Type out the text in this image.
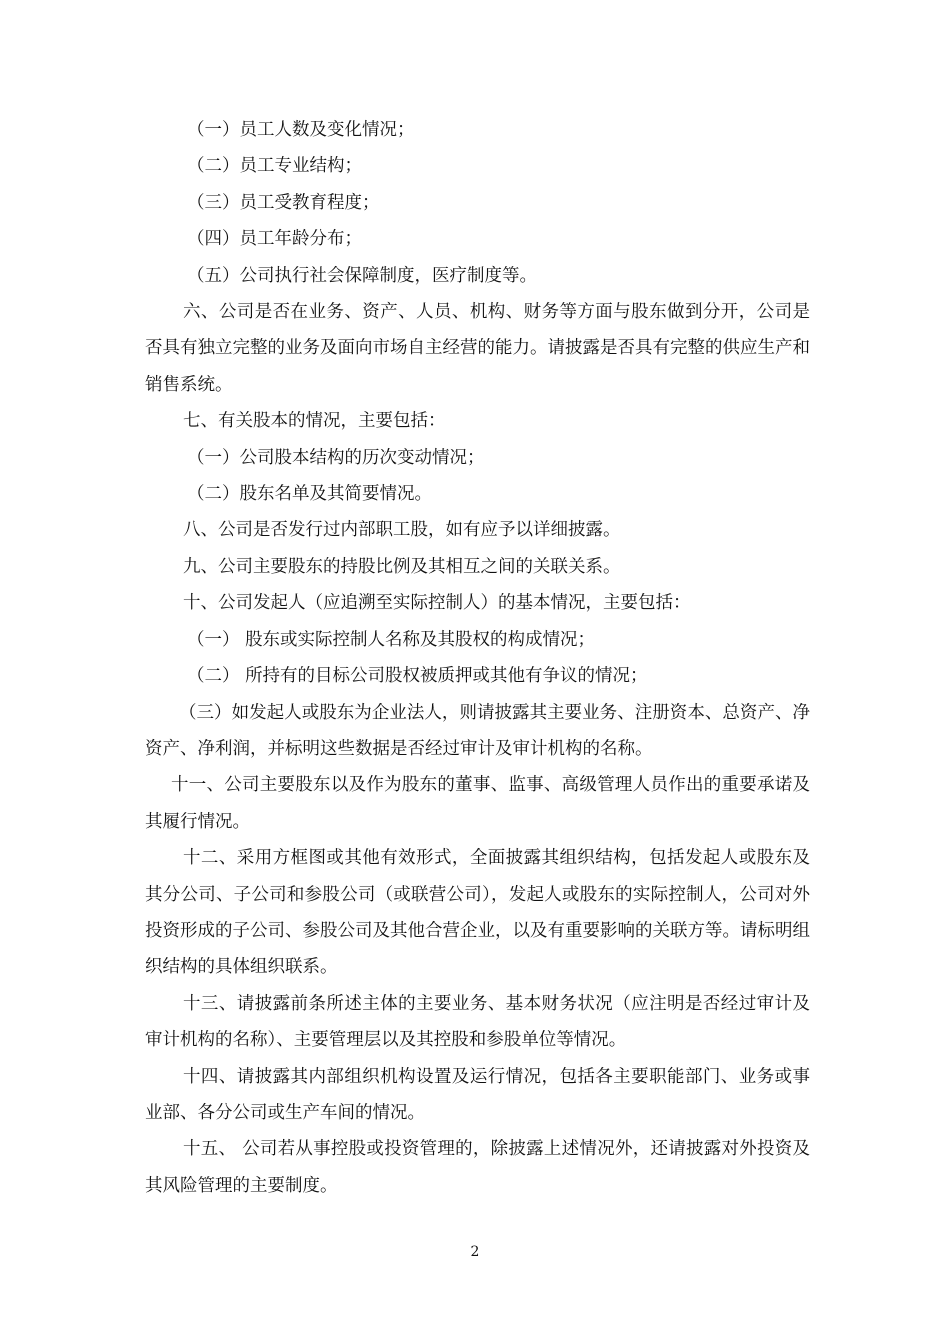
（一）员工人数及变化情况；

（二）员工专业结构；

（三）员工受教育程度；

（四）员工年龄分布；

（五）公司执行社会保障制度，医疗制度等。

六、公司是否在业务、资产、人员、机构、财务等方面与股东做到分开，公司是否具有独立完整的业务及面向市场自主经营的能力。请披露是否具有完整的供应生产和销售系统。

七、有关股本的情况，主要包括：

（一）公司股本结构的历次变动情况；

（二）股东名单及其简要情况。

八、公司是否发行过内部职工股，如有应予以详细披露。

九、公司主要股东的持股比例及其相互之间的关联关系。

十、公司发起人（应追溯至实际控制人）的基本情况，主要包括：

（一） 股东或实际控制人名称及其股权的构成情况；

（二） 所持有的目标公司股权被质押或其他有争议的情况；

（三）如发起人或股东为企业法人，则请披露其主要业务、注册资本、总资产、净资产、净利润，并标明这些数据是否经过审计及审计机构的名称。

十一、公司主要股东以及作为股东的董事、监事、高级管理人员作出的重要承诺及其履行情况。

十二、采用方框图或其他有效形式，全面披露其组织结构，包括发起人或股东及其分公司、子公司和参股公司（或联营公司），发起人或股东的实际控制人，公司对外投资形成的子公司、参股公司及其他合营企业，以及有重要影响的关联方等。请标明组织结构的具体组织联系。

十三、请披露前条所述主体的主要业务、基本财务状况（应注明是否经过审计及审计机构的名称）、主要管理层以及其控股和参股单位等情况。

十四、请披露其内部组织机构设置及运行情况，包括各主要职能部门、业务或事业部、各分公司或生产车间的情况。

十五、 公司若从事控股或投资管理的，除披露上述情况外，还请披露对外投资及其风险管理的主要制度。

2
